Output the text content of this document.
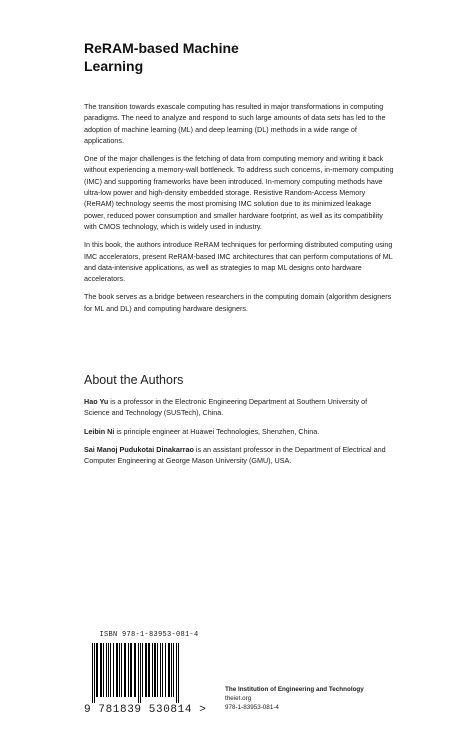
ReRAM-based Machine
Learning

The transition towards exascale computing has resulted in major transformations in computing paradigms. The need to analyze and respond to such large amounts of data sets has led to the adoption of machine learning (ML) and deep learning (DL) methods in a wide range of applications.

One of the major challenges is the fetching of data from computing memory and writing it back without experiencing a memory-wall bottleneck. To address such concerns, in-memory computing (IMC) and supporting frameworks have been introduced. In-memory computing methods have ultra-low power and high-density embedded storage. Resistive Random-Access Memory (ReRAM) technology seems the most promising IMC solution due to its minimized leakage power, reduced power consumption and smaller hardware footprint, as well as its compatibility with CMOS technology, which is widely used in industry.

In this book, the authors introduce ReRAM techniques for performing distributed computing using IMC accelerators, present ReRAM-based IMC architectures that can perform computations of ML and data-intensive applications, as well as strategies to map ML designs onto hardware accelerators.

The book serves as a bridge between researchers in the computing domain (algorithm designers for ML and DL) and computing hardware designers.

About the Authors

Hao Yu is a professor in the Electronic Engineering Department at Southern University of Science and Technology (SUSTech), China.

Leibin Ni is principle engineer at Huawei Technologies, Shenzhen, China.

Sai Manoj Pudukotai Dinakarrao is an assistant professor in the Department of Electrical and Computer Engineering at George Mason University (GMU), USA.

ISBN 978-1-83953-081-4
9 781839 530814 >
The Institution of Engineering and Technology
theiet.org
978-1-83953-081-4
